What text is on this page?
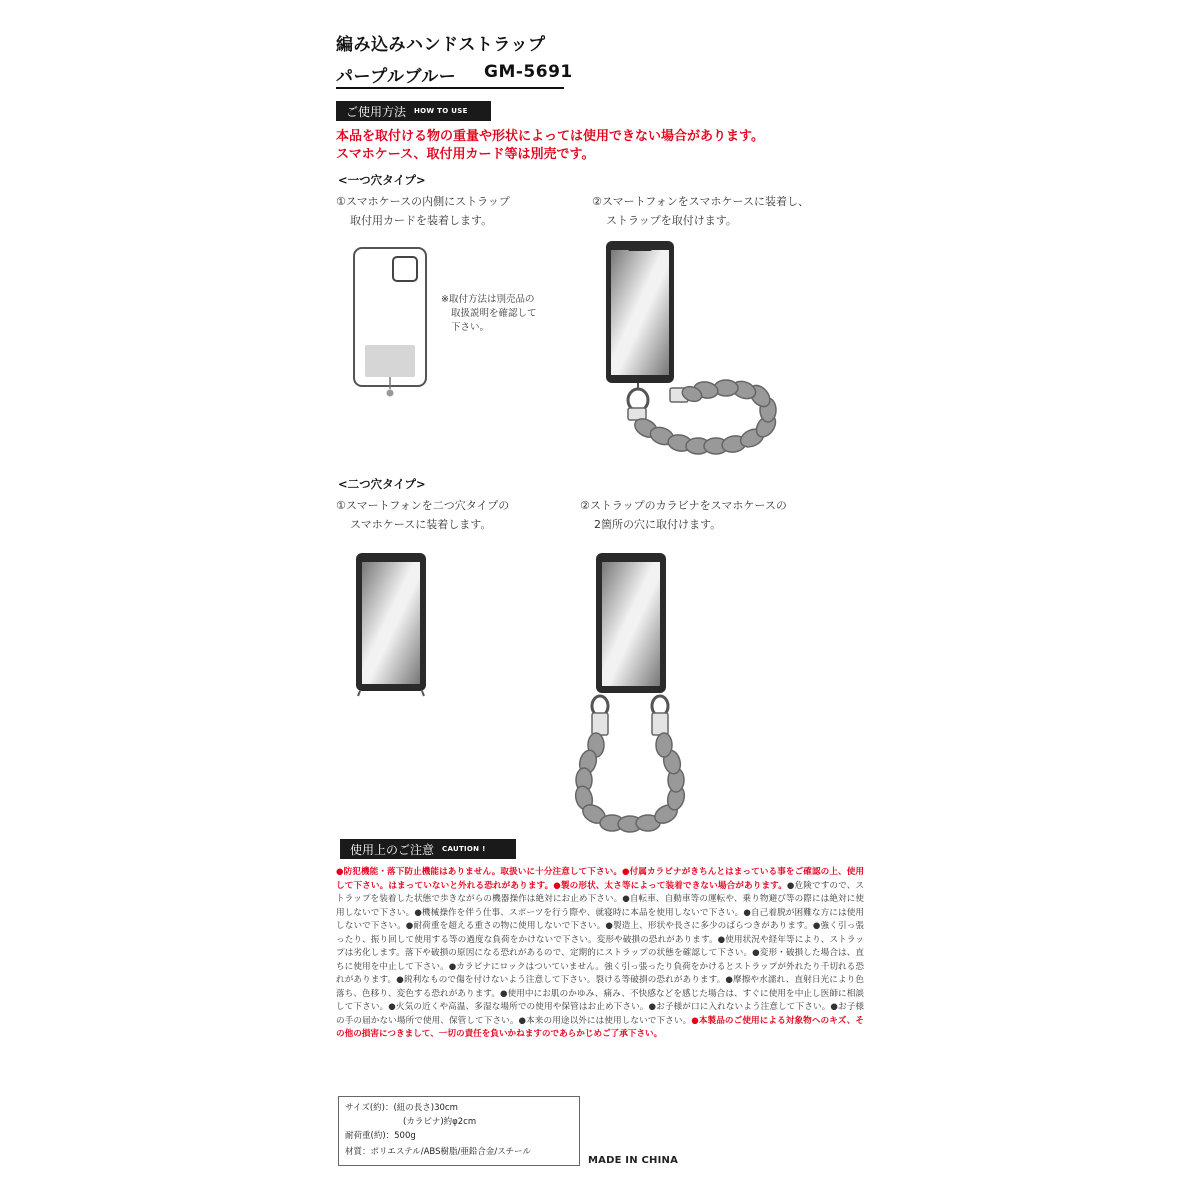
編み込みハンドストラップ
パープルブルー GM-5691
ご使用方法 HOW TO USE
本品を取付ける物の重量や形状によっては使用できない場合があります。
スマホケース、取付用カード等は別売です。
<一つ穴タイプ>
①スマホケースの内側にストラップ
取付用カードを装着します。
②スマートフォンをスマホケースに装着し、
ストラップを取付けます。
※取付方法は別売品の
取扱説明を確認して
下さい。
<二つ穴タイプ>
①スマートフォンを二つ穴タイプの
スマホケースに装着します。
②ストラップのカラビナをスマホケースの
2箇所の穴に取付けます。
使用上のご注意 CAUTION !
●防犯機能・落下防止機能はありません。取扱いに十分注意して下さい。●付属カラビナがきちんとはまっている事をご確認の上、使用して下さい。はまっていないと外れる恐れがあります。●製の形状、太さ等によって装着できない場合があります。●危険ですので、ストラップを装着した状態で歩きながらの機器操作は絶対にお止め下さい。●自転車、自動車等の運転や、乗り物避び等の際には絶対に使用しないで下さい。●機械操作を伴う仕事、スポーツを行う際や、就寝時に本品を使用しないで下さい。●自己着脱が困難な方には使用しないで下さい。●耐荷重を超える重さの物に使用しないで下さい。●製造上、形状や長さに多少のばらつきがあります。●強く引っ張ったり、振り回して使用する等の過度な負荷をかけないで下さい。変形や破損の恐れがあります。●使用状況や経年等により、ストラップは劣化します。落下や破損の原因になる恐れがあるので、定期的にストラップの状態を確認して下さい。●変形・破損した場合は、直ちに使用を中止して下さい。●カラビナにロックはついていません。強く引っ張ったり負荷をかけるとストラップが外れたり千切れる恐れがあります。●鋭利なもので傷を付けないよう注意して下さい。裂ける等破損の恐れがあります。●摩擦や水濡れ、直射日光により色落ち、色移り、変色する恐れがあります。●使用中にお肌のかゆみ、痛み、不快感などを感じた場合は、すぐに使用を中止し医師に相談して下さい。●火気の近くや高温、多湿な場所での使用や保管はお止め下さい。●お子様が口に入れないよう注意して下さい。●お子様の手の届かない場所で使用、保管して下さい。●本来の用途以外には使用しないで下さい。●本製品のご使用による対象物へのキズ、その他の損害につきまして、一切の責任を負いかねますのであらかじめご了承下さい。
サイズ(約)：(紐の長さ)30cm
(カラビナ)約φ2cm
耐荷重(約)：500g
材質：ポリエステル/ABS樹脂/亜鉛合金/スチール
MADE IN CHINA
